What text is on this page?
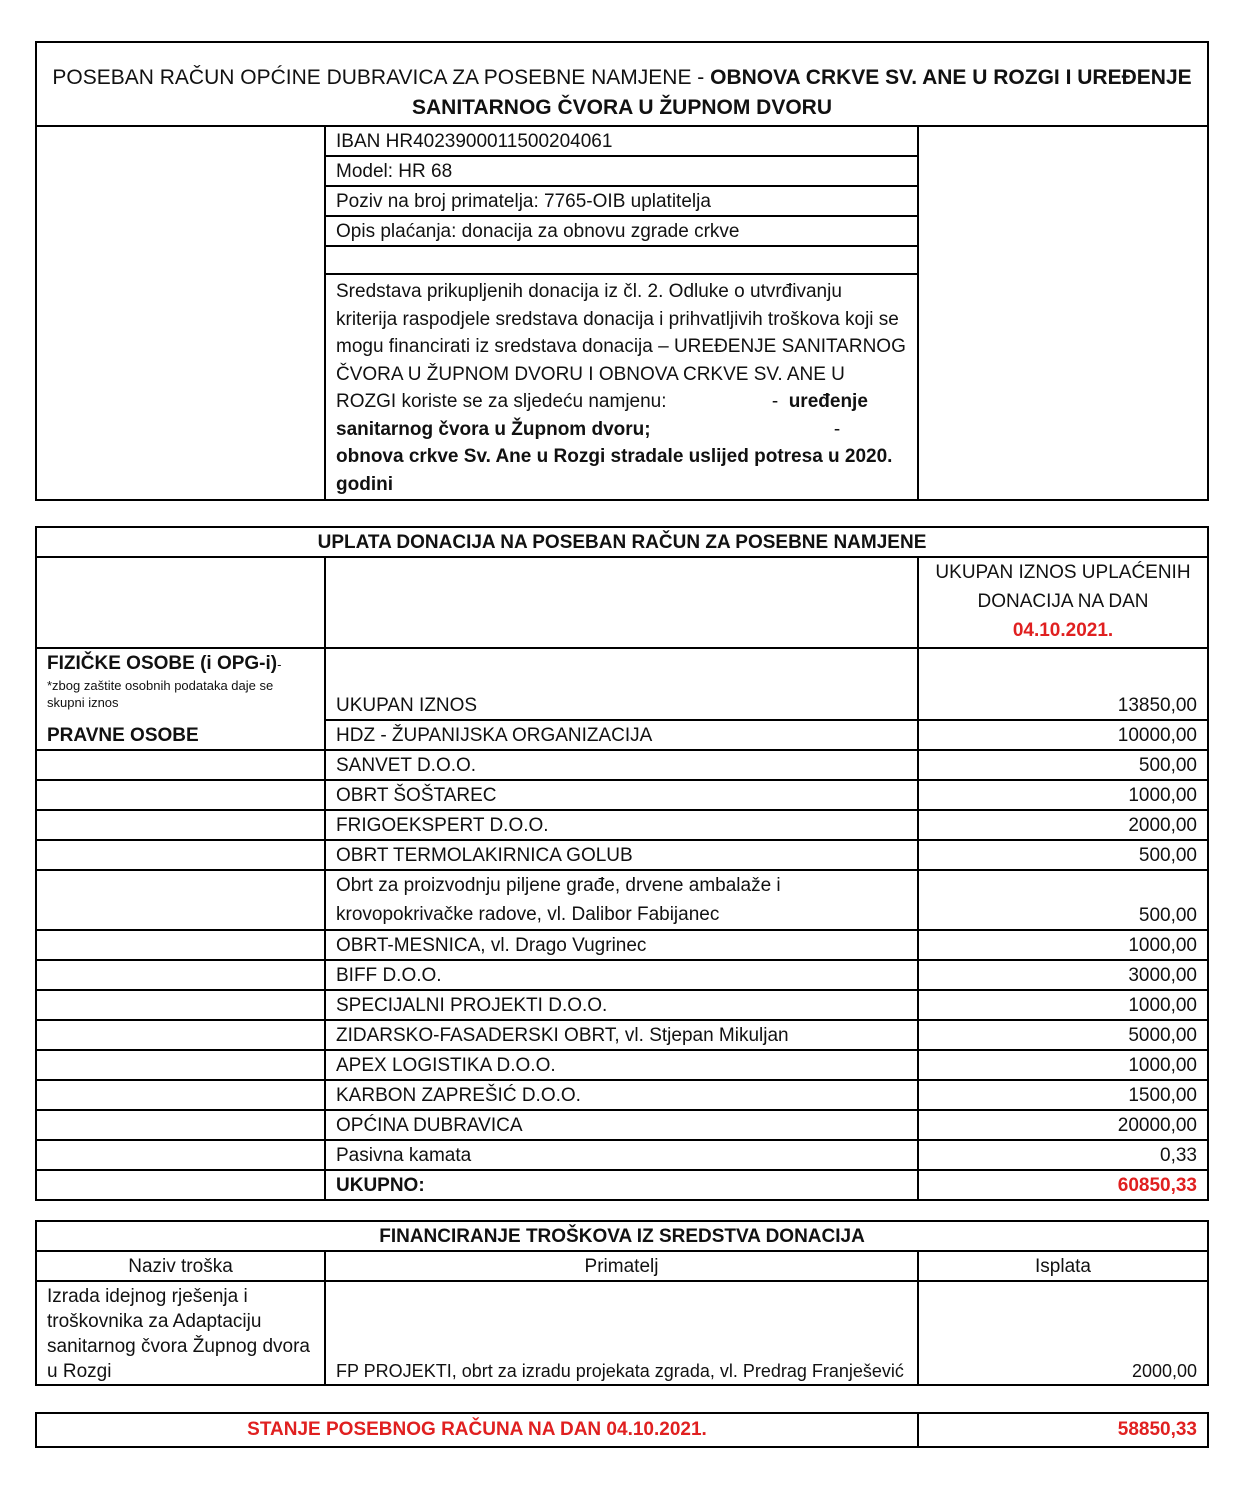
POSEBAN RAČUN OPĆINE DUBRAVICA ZA POSEBNE NAMJENE - OBNOVA CRKVE SV. ANE U ROZGI I UREĐENJE
SANITARNOG ČVORA U ŽUPNOM DVORU
	IBAN HR4023900011500204061	
Model: HR 68
Poziv na broj primatelja: 7765-OIB uplatitelja
Opis plaćanja: donacija za obnovu zgrade crkve

Sredstava prikupljenih donacija iz čl. 2. Odluke o utvrđivanju kriterija raspodjele sredstava donacija i prihvatljivih troškova koji se mogu financirati iz sredstava donacija – UREĐENJE SANITARNOG ČVORA U ŽUPNOM DVORU I OBNOVA CRKVE SV. ANE U ROZGI koriste se za sljedeću namjenu:	- uređenje sanitarnog čvora u Župnom dvoru;	- obnova crkve Sv. Ane u Rozgi stradale uslijed potresa u 2020. godini
UPLATA DONACIJA NA POSEBAN RAČUN ZA POSEBNE NAMJENE		
		UKUPAN IZNOS UPLAĆENIH
DONACIJA NA DAN
04.10.2021.
FIZIČKE OSOBE (i OPG-i)-

*zbog zaštite osobnih podataka daje se skupni iznos	UKUPAN IZNOS	13850,00
PRAVNE OSOBE	HDZ - ŽUPANIJSKA ORGANIZACIJA	10000,00
	SANVET D.O.O.	500,00
	OBRT ŠOŠTAREC	1000,00
	FRIGOEKSPERT D.O.O.	2000,00
	OBRT TERMOLAKIRNICA GOLUB	500,00
	Obrt za proizvodnju piljene građe, drvene ambalaže i krovopokrivačke radove, vl. Dalibor Fabijanec	500,00
	OBRT-MESNICA, vl. Drago Vugrinec	1000,00
	BIFF D.O.O.	3000,00
	SPECIJALNI PROJEKTI D.O.O.	1000,00
	ZIDARSKO-FASADERSKI OBRT, vl. Stjepan Mikuljan	5000,00
	APEX LOGISTIKA D.O.O.	1000,00
	KARBON ZAPREŠIĆ D.O.O.	1500,00
	OPĆINA DUBRAVICA	20000,00
	Pasivna kamata	0,33
	UKUPNO:	60850,33
FINANCIRANJE TROŠKOVA IZ SREDSTVA DONACIJA		
Naziv troška	Primatelj	Isplata
Izrada idejnog rješenja i troškovnika za Adaptaciju sanitarnog čvora Župnog dvora u Rozgi	FP PROJEKTI, obrt za izradu projekata zgrada, vl. Predrag Franješević	2000,00
STANJE POSEBNOG RAČUNA NA DAN 04.10.2021.	58850,33
